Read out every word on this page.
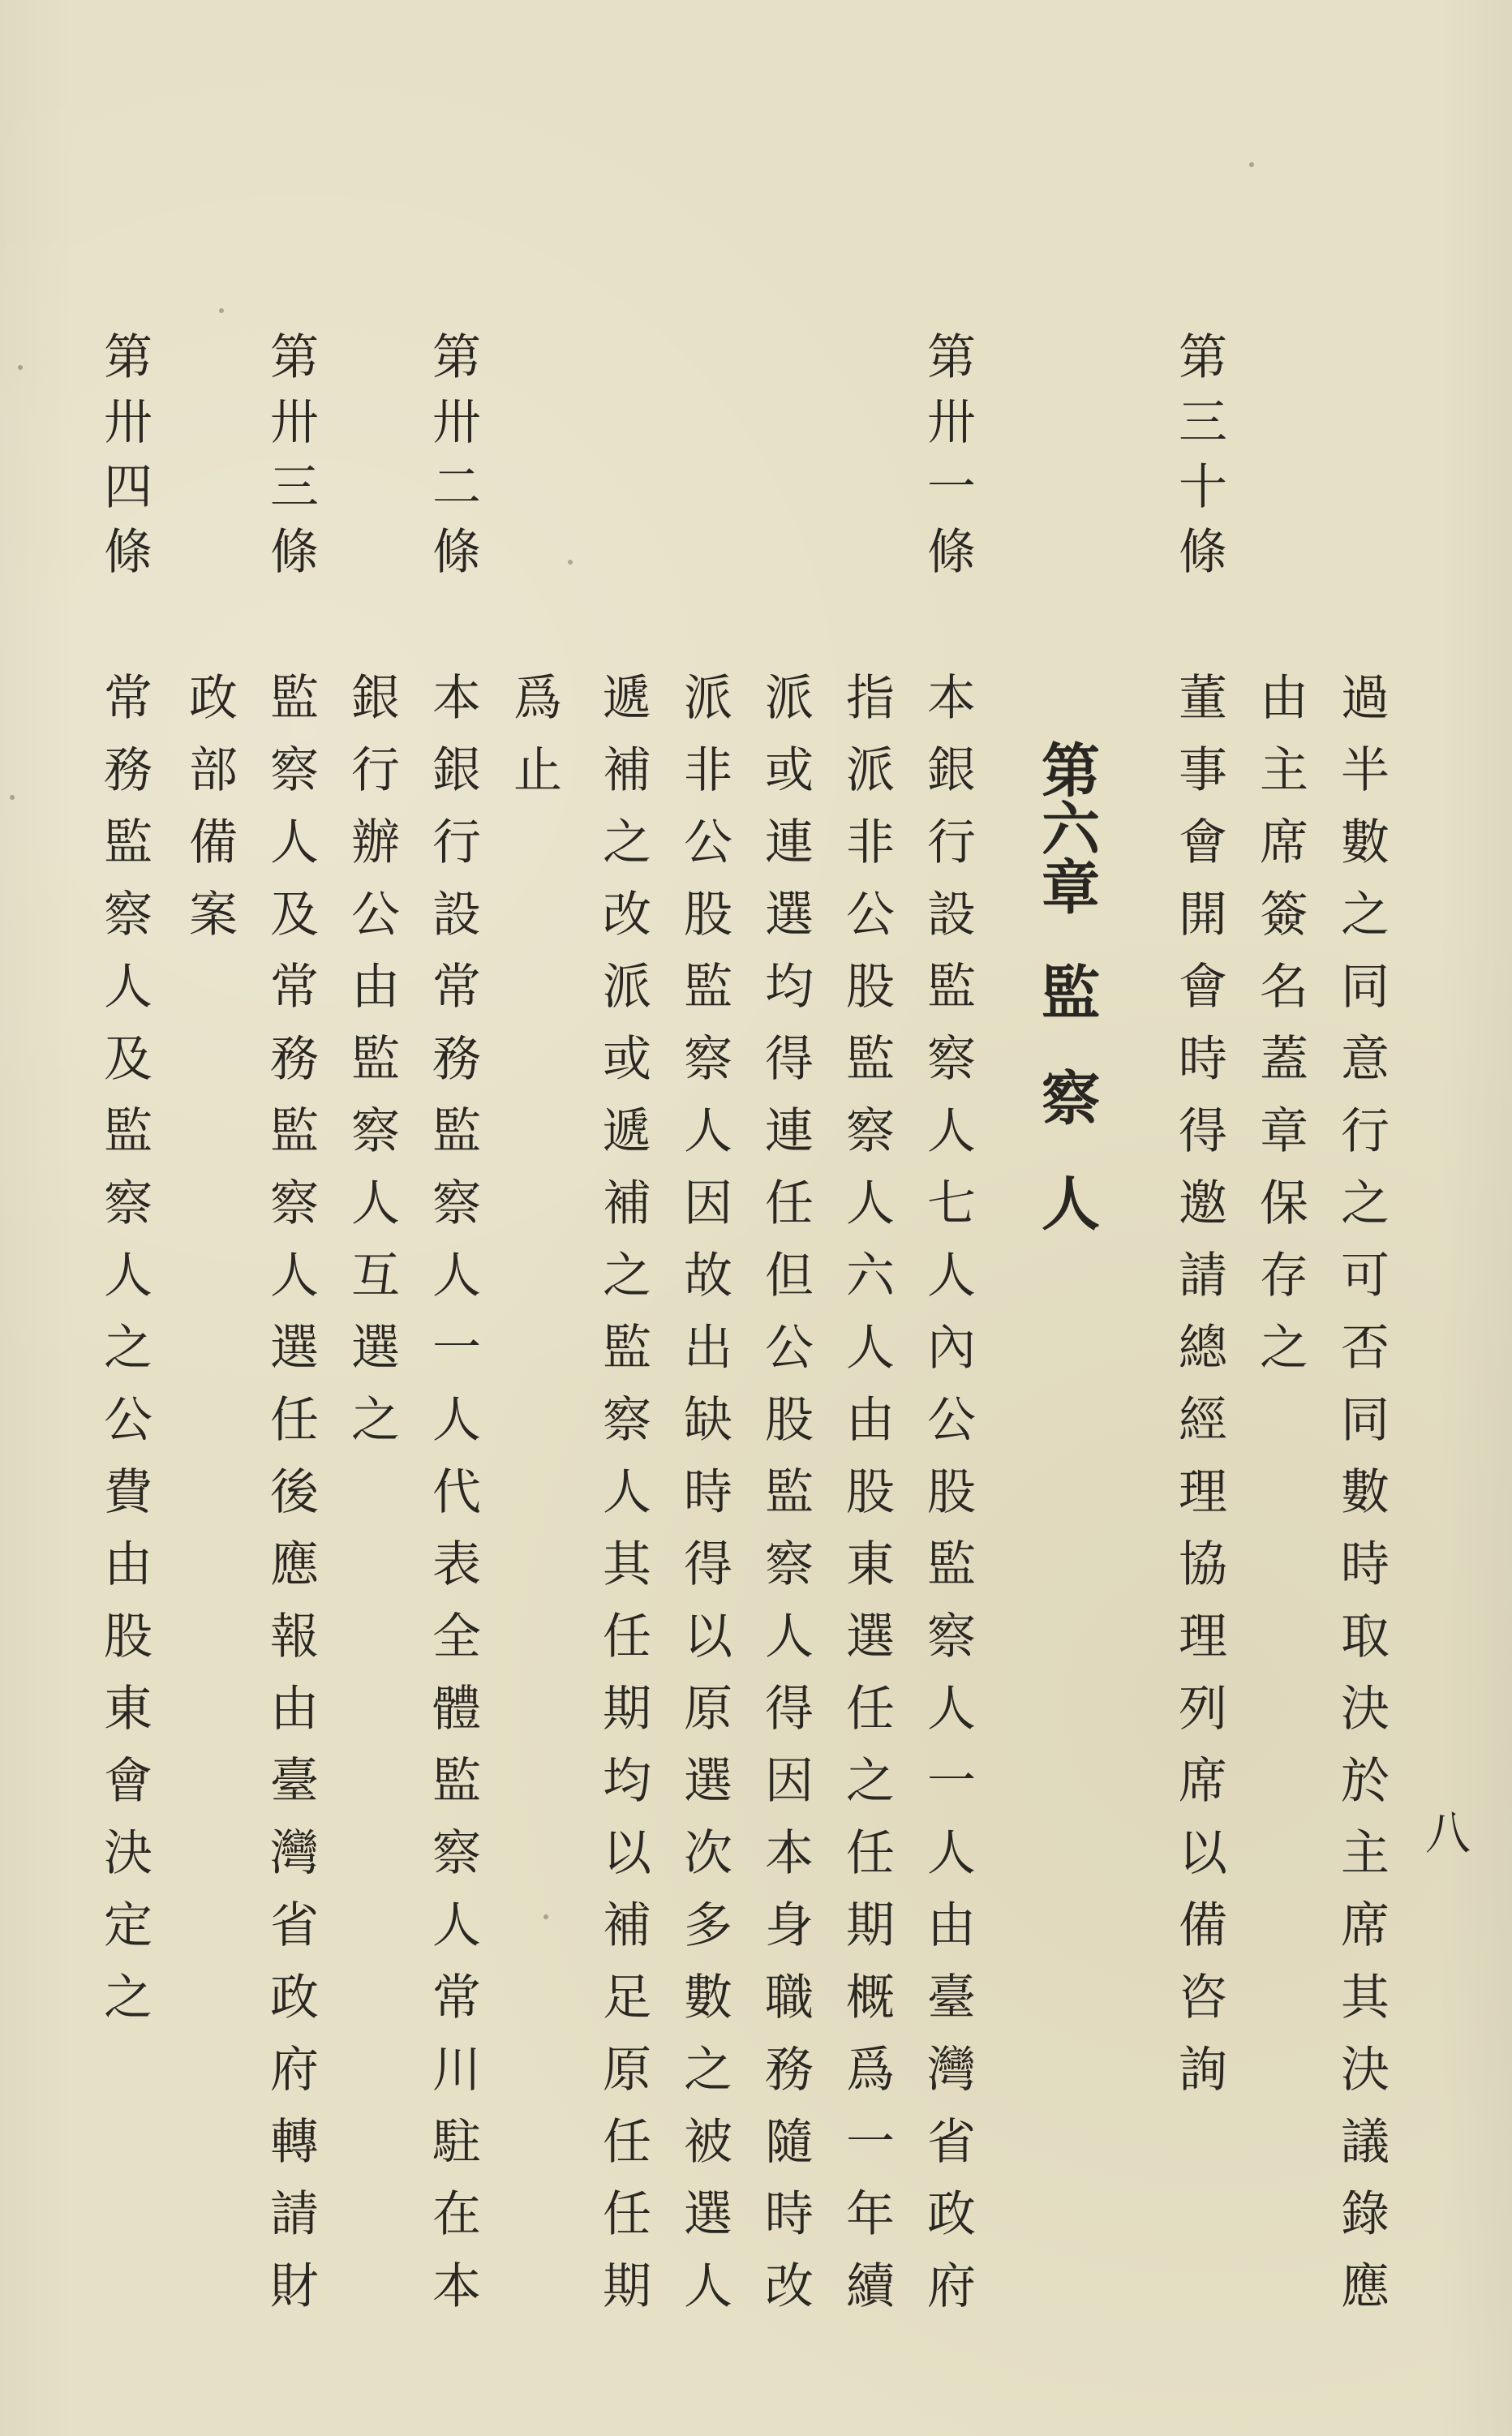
八
過半數之同意行之可否同數時取決於主席其決議錄應
由主席簽名蓋章保存之
第三十條
董事會開會時得邀請總經理協理列席以備咨詢
第六章監察人
第卅一條
本銀行設監察人七人內公股監察人一人由臺灣省政府
指派非公股監察人六人由股東選任之任期概爲一年續
派或連選均得連任但公股監察人得因本身職務隨時改
派非公股監察人因故出缺時得以原選次多數之被選人
遞補之改派或遞補之監察人其任期均以補足原任任期
爲止
第卅二條
本銀行設常務監察人一人代表全體監察人常川駐在本
銀行辦公由監察人互選之
第卅三條
監察人及常務監察人選任後應報由臺灣省政府轉請財
政部備案
第卅四條
常務監察人及監察人之公費由股東會決定之
